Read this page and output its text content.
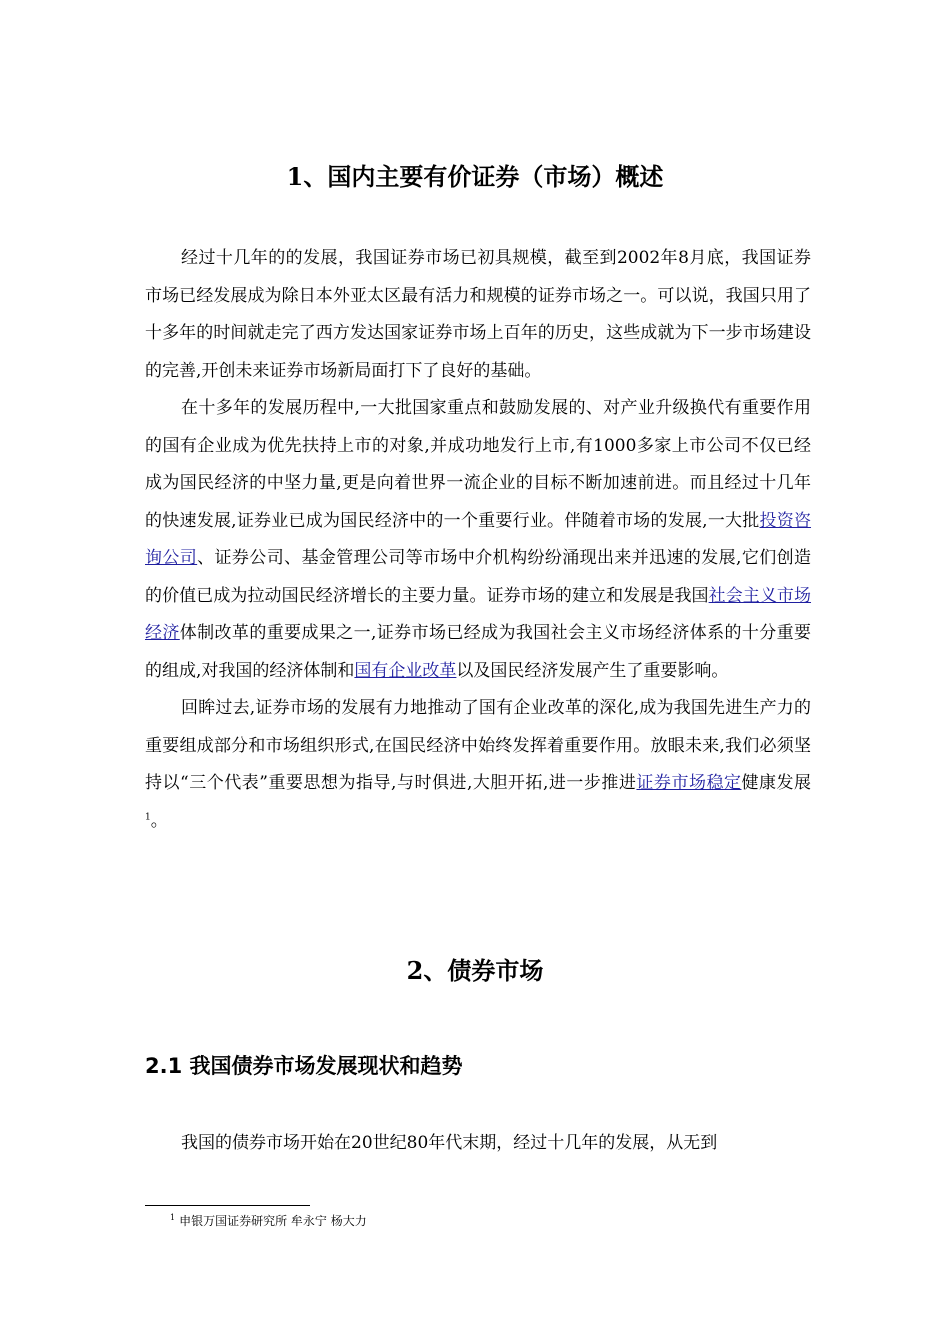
1、国内主要有价证券（市场）概述

经过十几年的的发展，我国证券市场已初具规模，截至到2002年8月底，我国证券市场已经发展成为除日本外亚太区最有活力和规模的证券市场之一。可以说，我国只用了十多年的时间就走完了西方发达国家证券市场上百年的历史，这些成就为下一步市场建设的完善,开创未来证券市场新局面打下了良好的基础。

在十多年的发展历程中,一大批国家重点和鼓励发展的、对产业升级换代有重要作用的国有企业成为优先扶持上市的对象,并成功地发行上市,有1000多家上市公司不仅已经成为国民经济的中坚力量,更是向着世界一流企业的目标不断加速前进。而且经过十几年的快速发展,证券业已成为国民经济中的一个重要行业。伴随着市场的发展,一大批投资咨询公司、证券公司、基金管理公司等市场中介机构纷纷涌现出来并迅速的发展,它们创造的价值已成为拉动国民经济增长的主要力量。证券市场的建立和发展是我国社会主义市场经济体制改革的重要成果之一,证券市场已经成为我国社会主义市场经济体系的十分重要的组成,对我国的经济体制和国有企业改革以及国民经济发展产生了重要影响。

回眸过去,证券市场的发展有力地推动了国有企业改革的深化,成为我国先进生产力的重要组成部分和市场组织形式,在国民经济中始终发挥着重要作用。放眼未来,我们必须坚持以“三个代表”重要思想为指导,与时俱进,大胆开拓,进一步推进证券市场稳定健康发展$^1$。

2、债券市场
2.1 我国债券市场发展现状和趋势

我国的债券市场开始在20世纪80年代末期，经过十几年的发展，从无到

$^1$ 申银万国证券研究所 牟永宁 杨大力
